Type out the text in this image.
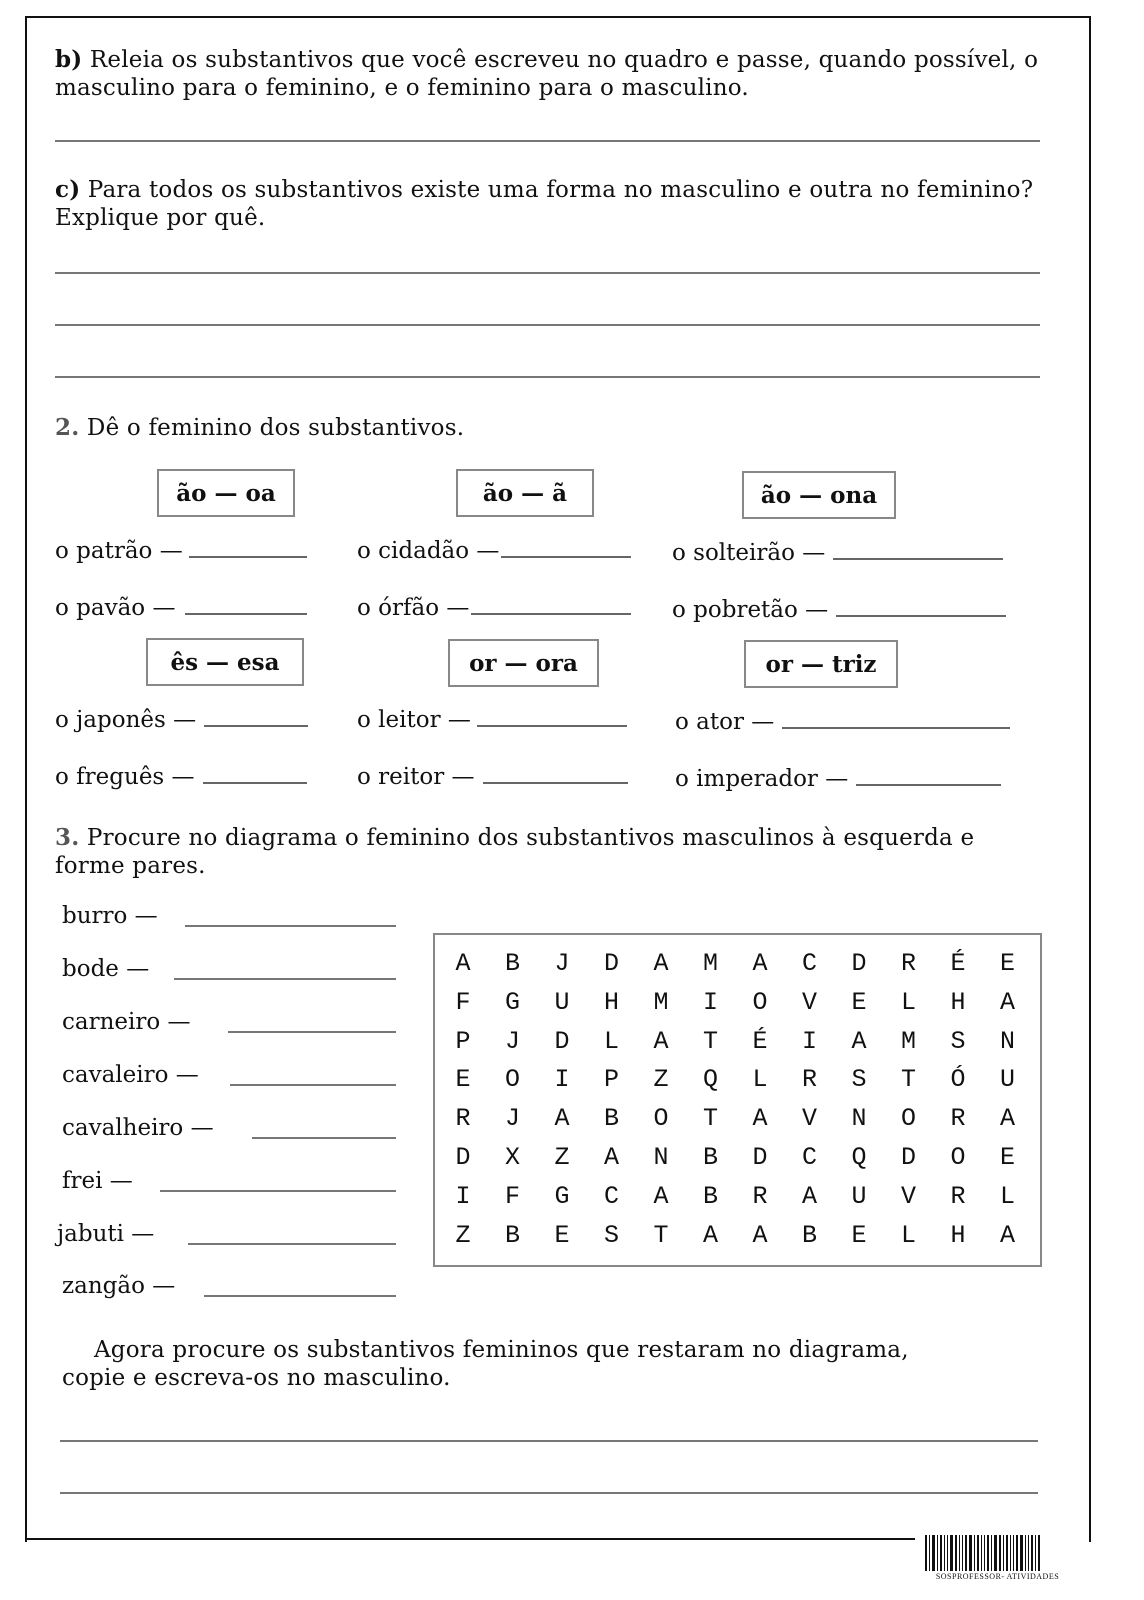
b) Releia os substantivos que você escreveu no quadro e passe, quando possível, o masculino para o feminino, e o feminino para o masculino.
c) Para todos os substantivos existe uma forma no masculino e outra no feminino? Explique por quê.
2. Dê o feminino dos substantivos.
ão — oa	ão — ã	ão — ona
o patrão —	o cidadão —	o solteirão —
o pavão —	o órfão —	o pobretão —
ês — esa	or — ora	or — triz
o japonês —	o leitor —	o ator —
o freguês —	o reitor —	o imperador —
3. Procure no diagrama o feminino dos substantivos masculinos à esquerda e forme pares.
burro —
bode —
carneiro —
cavaleiro —
cavalheiro —
frei —
jabuti —
zangão —
A	B	J	D	A	M	A	C	D	R	É	E
F	G	U	H	M	I	O	V	E	L	H	A
P	J	D	L	A	T	É	I	A	M	S	N
E	O	I	P	Z	Q	L	R	S	T	Ó	U
R	J	A	B	O	T	A	V	N	O	R	A
D	X	Z	A	N	B	D	C	Q	D	O	E
I	F	G	C	A	B	R	A	U	V	R	L
Z	B	E	S	T	A	A	B	E	L	H	A
Agora procure os substantivos femininos que restaram no diagrama, copie e escreva-os no masculino.
SOSPROFESSOR- ATIVIDADES
